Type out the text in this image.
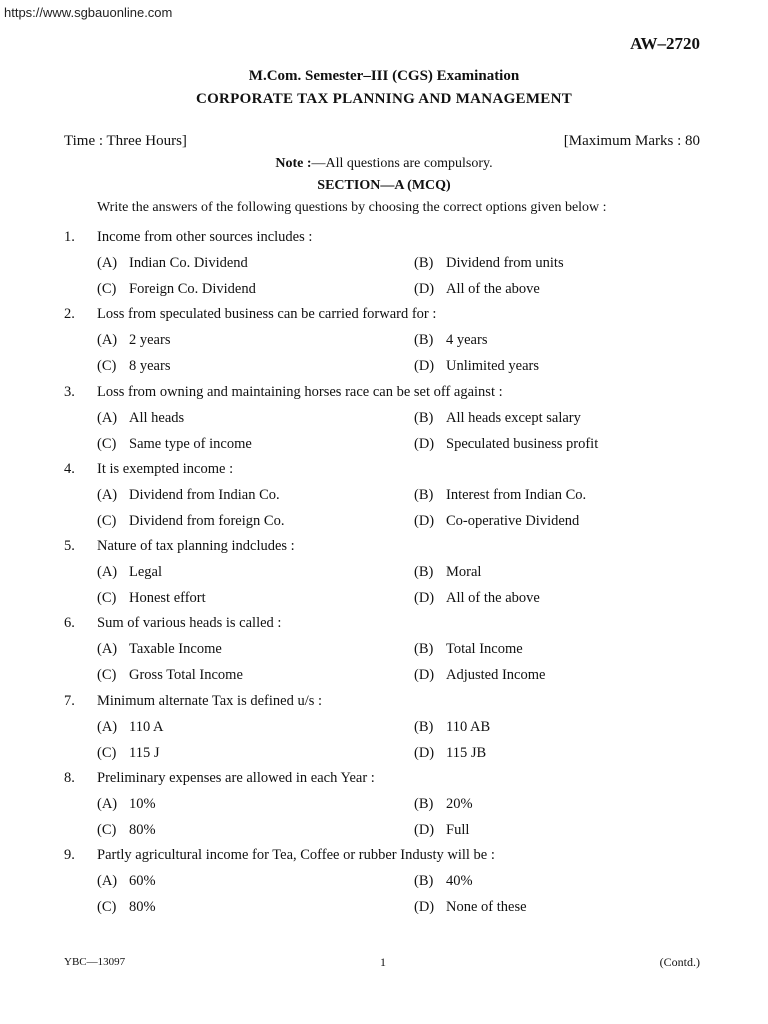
https://www.sgbauonline.com
AW–2720
M.Com. Semester–III (CGS) Examination
CORPORATE TAX PLANNING AND MANAGEMENT
Time : Three Hours]	[Maximum Marks : 80
Note :—All questions are compulsory.
SECTION—A (MCQ)
Write the answers of the following questions by choosing the correct options given below :
1. Income from other sources includes :
(A) Indian Co. Dividend	(B) Dividend from units
(C) Foreign Co. Dividend	(D) All of the above
2. Loss from speculated business can be carried forward for :
(A) 2 years	(B) 4 years
(C) 8 years	(D) Unlimited years
3. Loss from owning and maintaining horses race can be set off against :
(A) All heads	(B) All heads except salary
(C) Same type of income	(D) Speculated business profit
4. It is exempted income :
(A) Dividend from Indian Co.	(B) Interest from Indian Co.
(C) Dividend from foreign Co.	(D) Co-operative Dividend
5. Nature of tax planning indcludes :
(A) Legal	(B) Moral
(C) Honest effort	(D) All of the above
6. Sum of various heads is called :
(A) Taxable Income	(B) Total Income
(C) Gross Total Income	(D) Adjusted Income
7. Minimum alternate Tax is defined u/s :
(A) 110 A	(B) 110 AB
(C) 115 J	(D) 115 JB
8. Preliminary expenses are allowed in each Year :
(A) 10%	(B) 20%
(C) 80%	(D) Full
9. Partly agricultural income for Tea, Coffee or rubber Industy will be :
(A) 60%	(B) 40%
(C) 80%	(D) None of these
YBC—13097	1	(Contd.)
